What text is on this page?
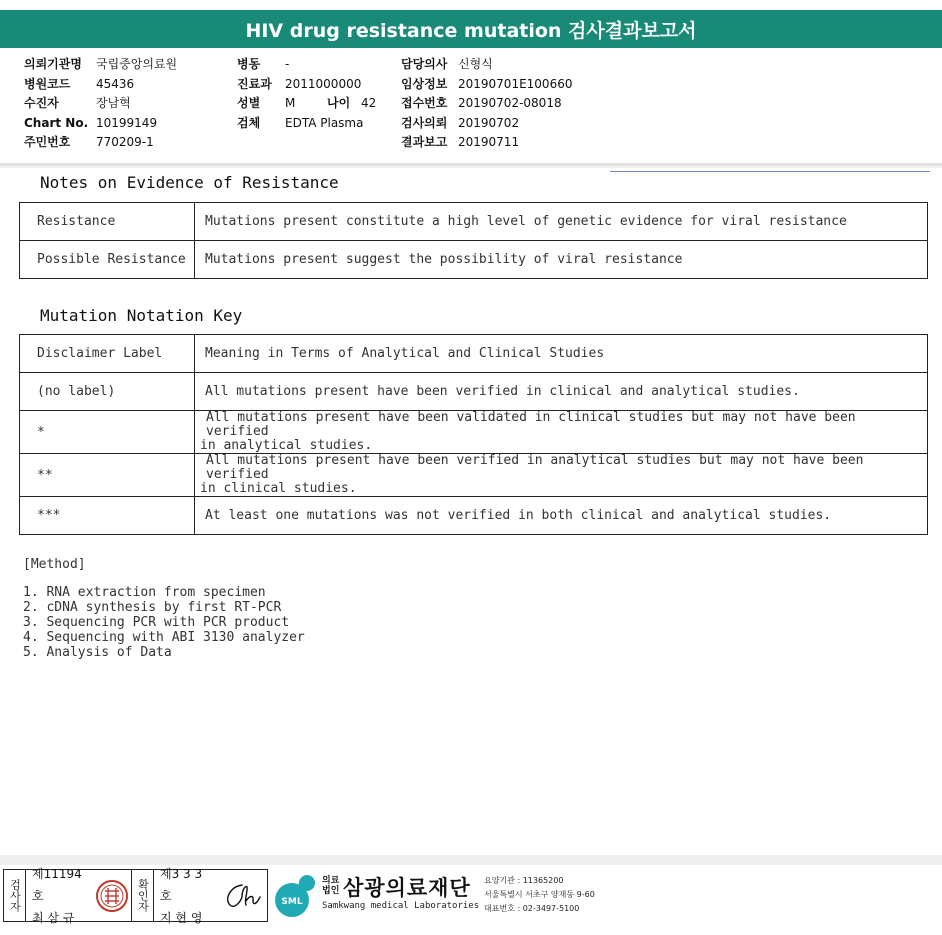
HIV drug resistance mutation 검사결과보고서
의뢰기관명	국립중앙의료원
병원코드	45436
수진자	장남혁
Chart No. 10199149
주민번호	770209-1
병동	-
진료과	2011000000
성별	M	나이 42
검체	EDTA Plasma
담당의사 신형식
임상정보 20190701E100660
접수번호 20190702-08018
검사의뢰 20190702
결과보고 20190711
Notes on Evidence of Resistance
Resistance	Mutations present constitute a high level of genetic evidence for viral resistance
Possible Resistance	Mutations present suggest the possibility of viral resistance
Mutation Notation Key
Disclaimer Label	Meaning in Terms of Analytical and Clinical Studies
(no label)	All mutations present have been verified in clinical and analytical studies.
*	All mutations present have been validated in clinical studies but may not have been verified
in analytical studies.

**	All mutations present have been verified in analytical studies but may not have been verified
in clinical studies.

***	At least one mutations was not verified in both clinical and analytical studies.
[Method]
1. RNA extraction from specimen
2. cDNA synthesis by first RT-PCR
3. Sequencing PCR with PCR product
4. Sequencing with ABI 3130 analyzer
5. Analysis of Data
검사자
제11194호
최 삼 규
확인자
제3 3 3 호
지 현 영
SML
의료법인 삼광의료재단
Samkwang medical Laboratories
요양기관 : 11365200
서울특별시 서초구 양재동 9-60
대표번호 : 02-3497-5100
